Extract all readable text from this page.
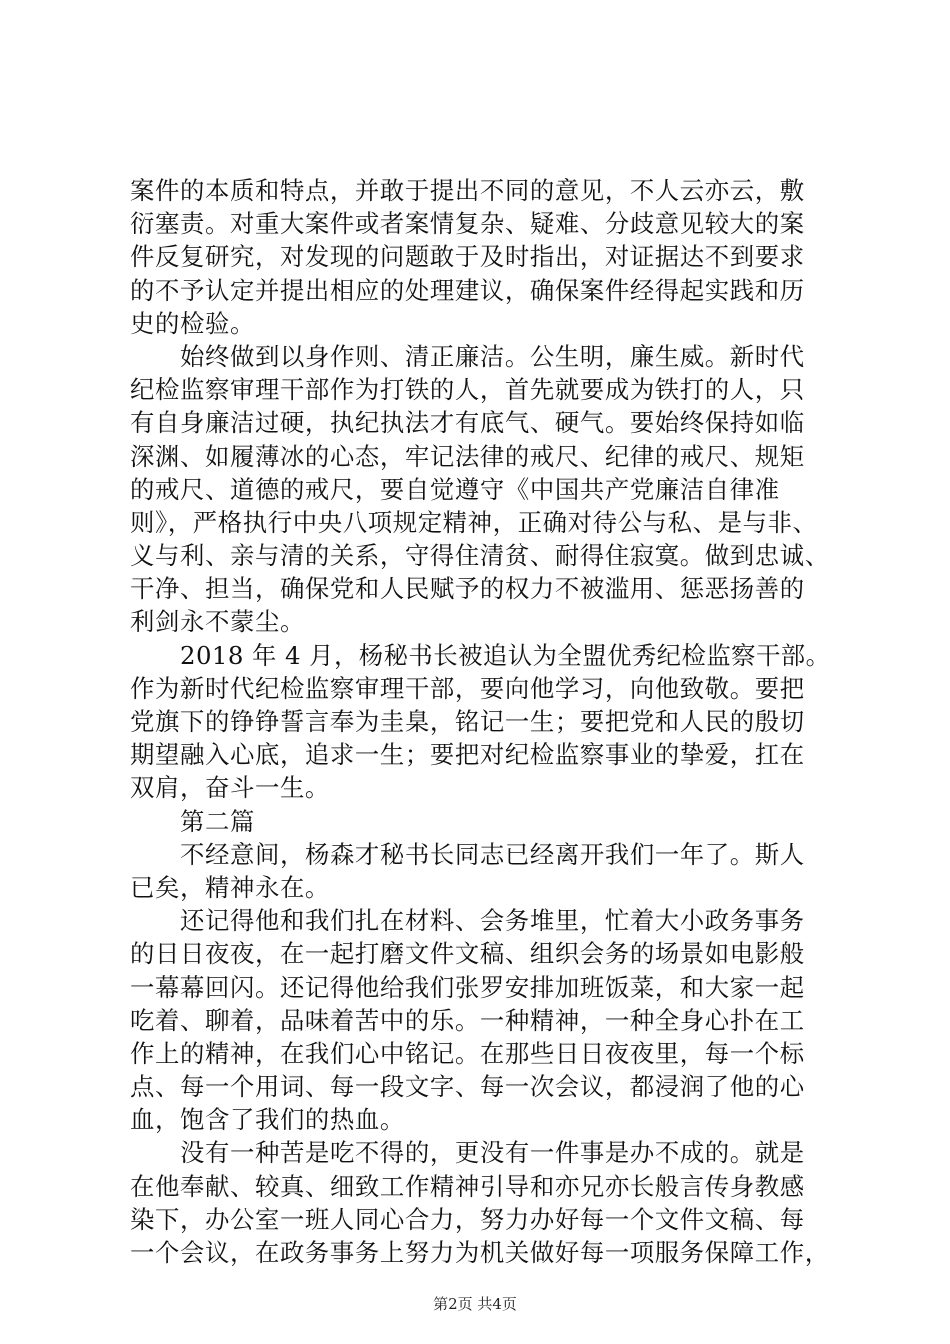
案件的本质和特点，并敢于提出不同的意见，不人云亦云，敷
衍塞责。对重大案件或者案情复杂、疑难、分歧意见较大的案
件反复研究，对发现的问题敢于及时指出，对证据达不到要求
的不予认定并提出相应的处理建议，确保案件经得起实践和历
史的检验。
始终做到以身作则、清正廉洁。公生明，廉生威。新时代
纪检监察审理干部作为打铁的人，首先就要成为铁打的人，只
有自身廉洁过硬，执纪执法才有底气、硬气。要始终保持如临
深渊、如履薄冰的心态，牢记法律的戒尺、纪律的戒尺、规矩
的戒尺、道德的戒尺，要自觉遵守《中国共产党廉洁自律准
则》，严格执行中央八项规定精神，正确对待公与私、是与非、
义与利、亲与清的关系，守得住清贫、耐得住寂寞。做到忠诚、
干净、担当，确保党和人民赋予的权力不被滥用、惩恶扬善的
利剑永不蒙尘。
2018 年 4 月，杨秘书长被追认为全盟优秀纪检监察干部。
作为新时代纪检监察审理干部，要向他学习，向他致敬。要把
党旗下的铮铮誓言奉为圭臬，铭记一生；要把党和人民的殷切
期望融入心底，追求一生；要把对纪检监察事业的挚爱，扛在
双肩，奋斗一生。
第二篇
不经意间，杨森才秘书长同志已经离开我们一年了。斯人
已矣，精神永在。
还记得他和我们扎在材料、会务堆里，忙着大小政务事务
的日日夜夜，在一起打磨文件文稿、组织会务的场景如电影般
一幕幕回闪。还记得他给我们张罗安排加班饭菜，和大家一起
吃着、聊着，品味着苦中的乐。一种精神，一种全身心扑在工
作上的精神，在我们心中铭记。在那些日日夜夜里，每一个标
点、每一个用词、每一段文字、每一次会议，都浸润了他的心
血，饱含了我们的热血。
没有一种苦是吃不得的，更没有一件事是办不成的。就是
在他奉献、较真、细致工作精神引导和亦兄亦长般言传身教感
染下，办公室一班人同心合力，努力办好每一个文件文稿、每
一个会议，在政务事务上努力为机关做好每一项服务保障工作，
第2页 共4页
